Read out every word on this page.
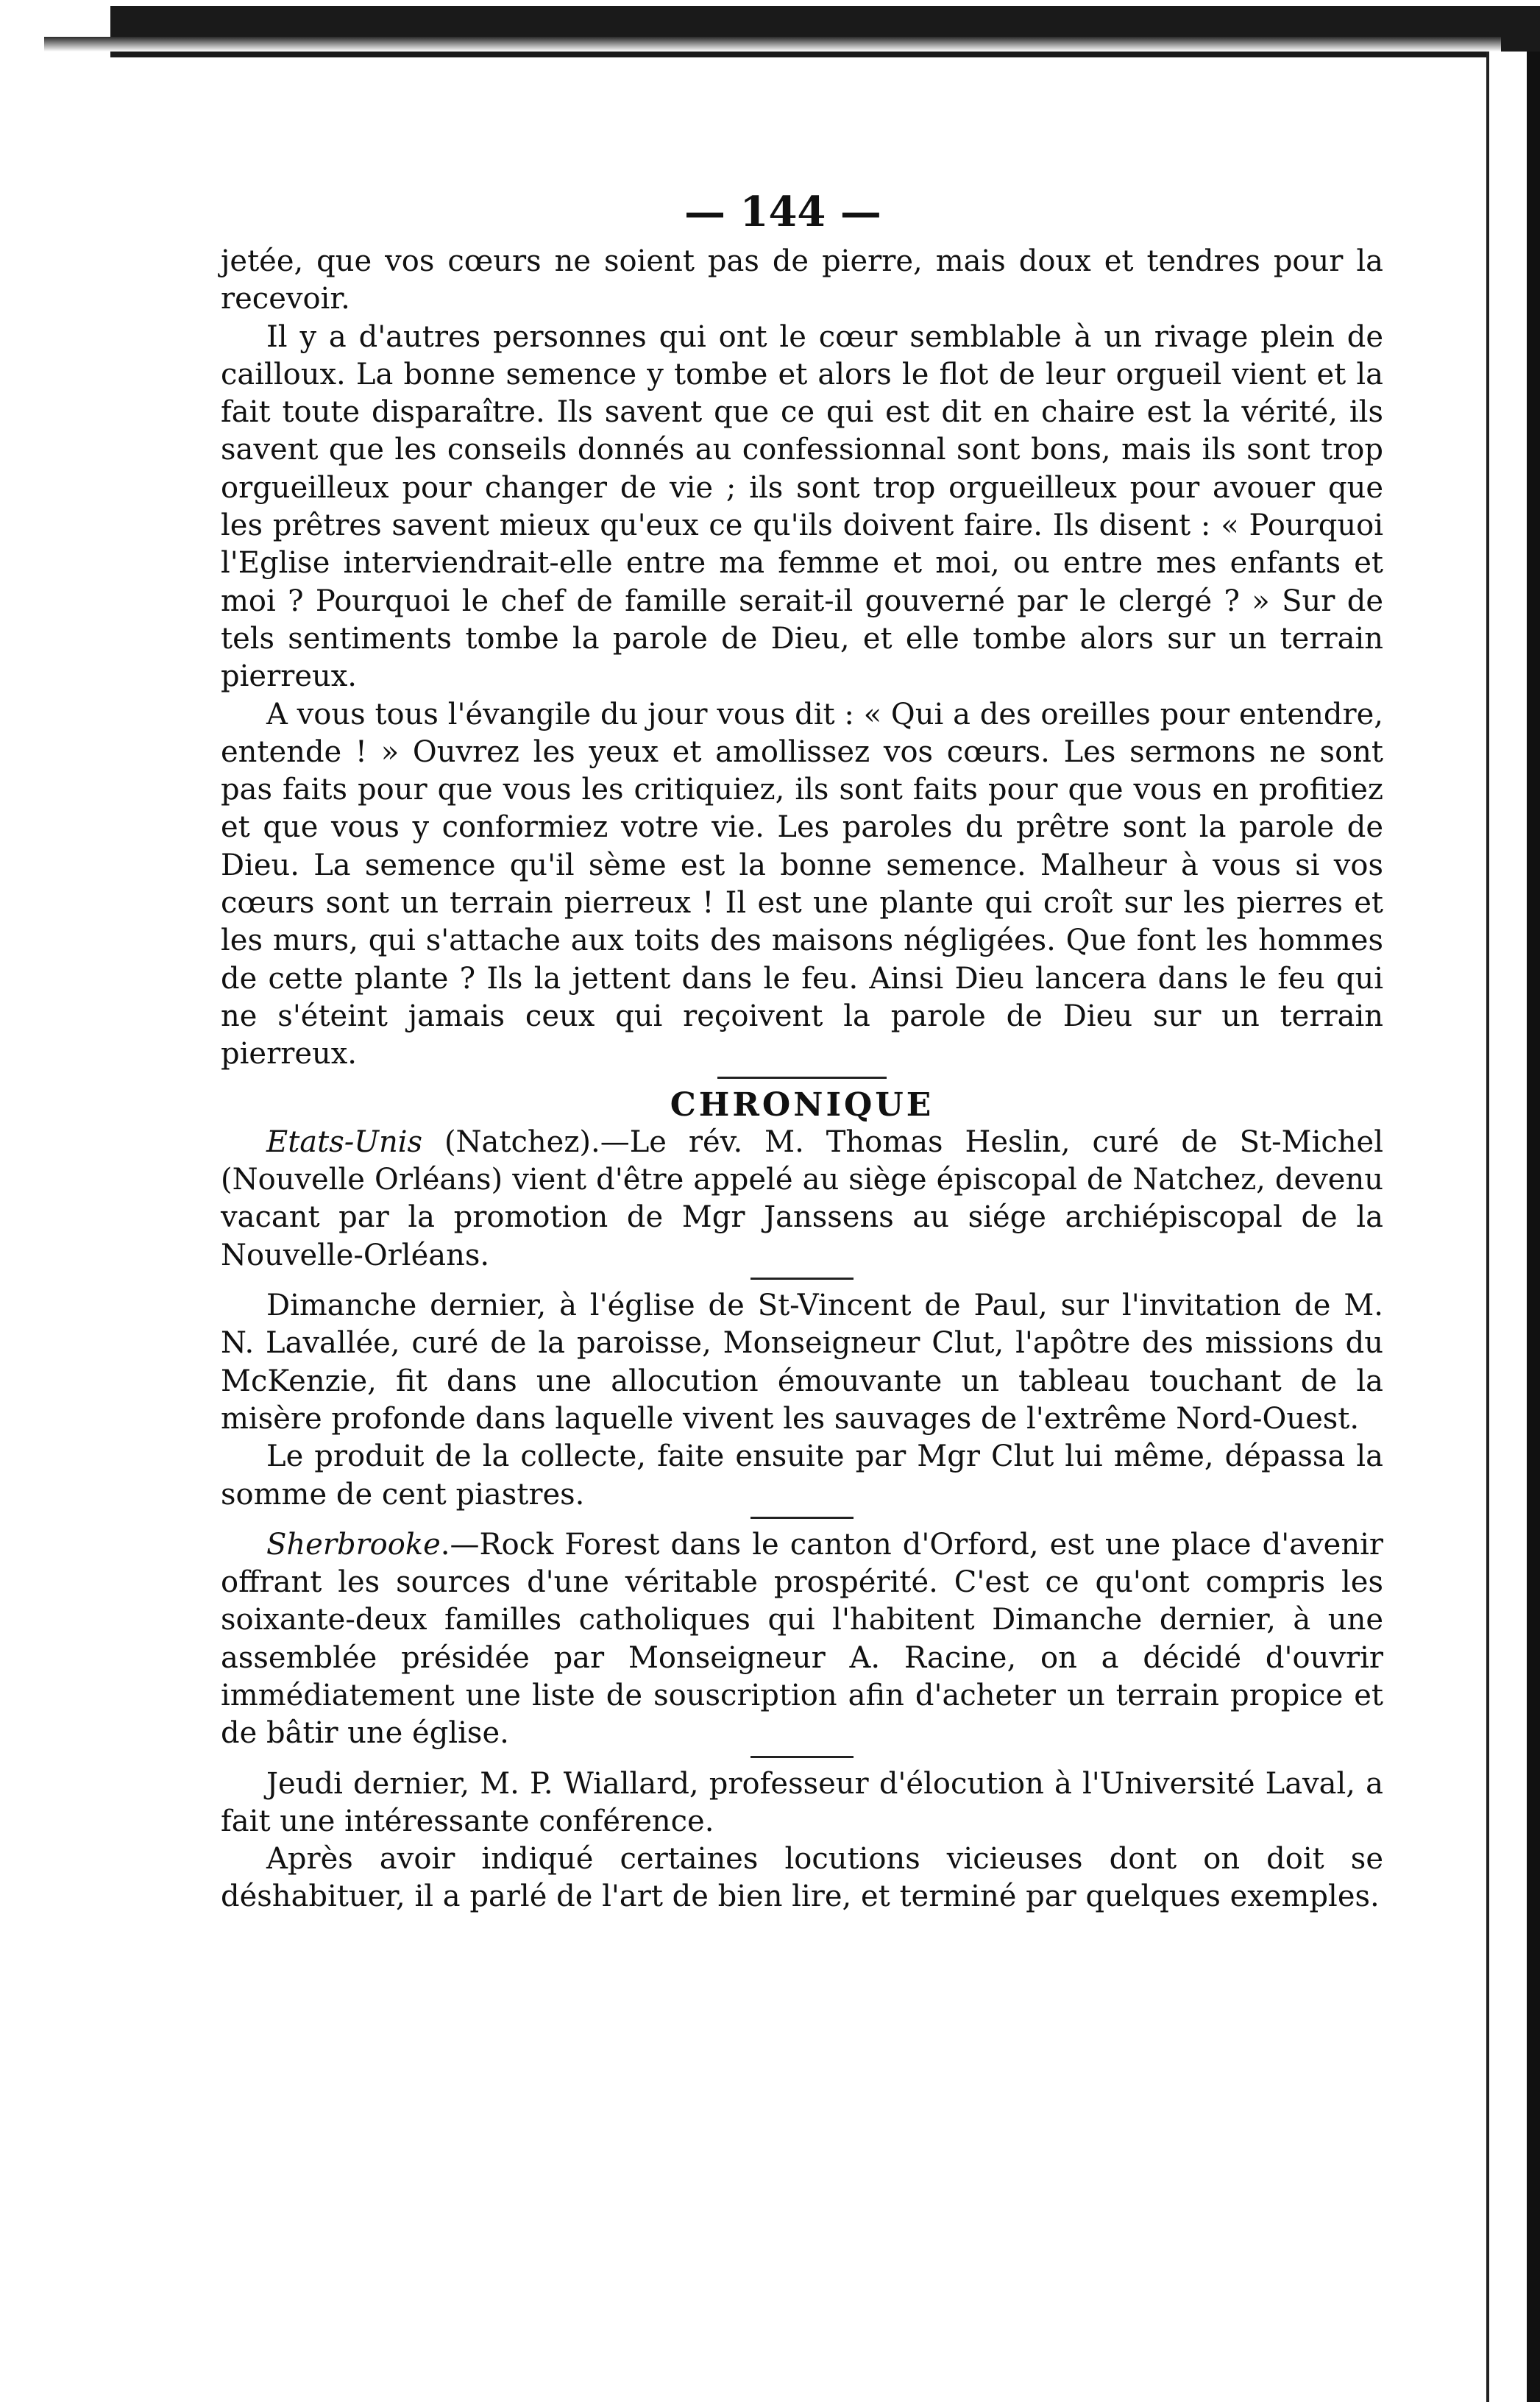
— 144 —

jetée, que vos cœurs ne soient pas de pierre, mais doux et tendres pour la recevoir.

Il y a d'autres personnes qui ont le cœur semblable à un rivage plein de cailloux. La bonne semence y tombe et alors le flot de leur orgueil vient et la fait toute disparaître. Ils savent que ce qui est dit en chaire est la vérité, ils savent que les conseils donnés au confessionnal sont bons, mais ils sont trop orgueilleux pour changer de vie ; ils sont trop orgueilleux pour avouer que les prêtres savent mieux qu'eux ce qu'ils doivent faire. Ils disent : « Pourquoi l'Eglise interviendrait-elle entre ma femme et moi, ou entre mes enfants et moi ? Pourquoi le chef de famille serait-il gouverné par le clergé ? » Sur de tels sentiments tombe la parole de Dieu, et elle tombe alors sur un terrain pierreux.

A vous tous l'évangile du jour vous dit : « Qui a des oreilles pour entendre, entende ! » Ouvrez les yeux et amollissez vos cœurs. Les sermons ne sont pas faits pour que vous les critiquiez, ils sont faits pour que vous en profitiez et que vous y conformiez votre vie. Les paroles du prêtre sont la parole de Dieu. La semence qu'il sème est la bonne semence. Malheur à vous si vos cœurs sont un terrain pierreux ! Il est une plante qui croît sur les pierres et les murs, qui s'attache aux toits des maisons négligées. Que font les hommes de cette plante ? Ils la jettent dans le feu. Ainsi Dieu lancera dans le feu qui ne s'éteint jamais ceux qui reçoivent la parole de Dieu sur un terrain pierreux.

CHRONIQUE

Etats-Unis (Natchez).—Le rév. M. Thomas Heslin, curé de St-Michel (Nouvelle Orléans) vient d'être appelé au siège épiscopal de Natchez, devenu vacant par la promotion de Mgr Janssens au siége archiépiscopal de la Nouvelle-Orléans.

Dimanche dernier, à l'église de St-Vincent de Paul, sur l'invitation de M. N. Lavallée, curé de la paroisse, Monseigneur Clut, l'apôtre des missions du McKenzie, fit dans une allocution émouvante un tableau touchant de la misère profonde dans laquelle vivent les sauvages de l'extrême Nord-Ouest.

Le produit de la collecte, faite ensuite par Mgr Clut lui même, dépassa la somme de cent piastres.

Sherbrooke.—Rock Forest dans le canton d'Orford, est une place d'avenir offrant les sources d'une véritable prospérité. C'est ce qu'ont compris les soixante-deux familles catholiques qui l'habitent Dimanche dernier, à une assemblée présidée par Monseigneur A. Racine, on a décidé d'ouvrir immédiatement une liste de souscription afin d'acheter un terrain propice et de bâtir une église.

Jeudi dernier, M. P. Wiallard, professeur d'élocution à l'Université Laval, a fait une intéressante conférence.

Après avoir indiqué certaines locutions vicieuses dont on doit se déshabituer, il a parlé de l'art de bien lire, et terminé par quelques exemples.
